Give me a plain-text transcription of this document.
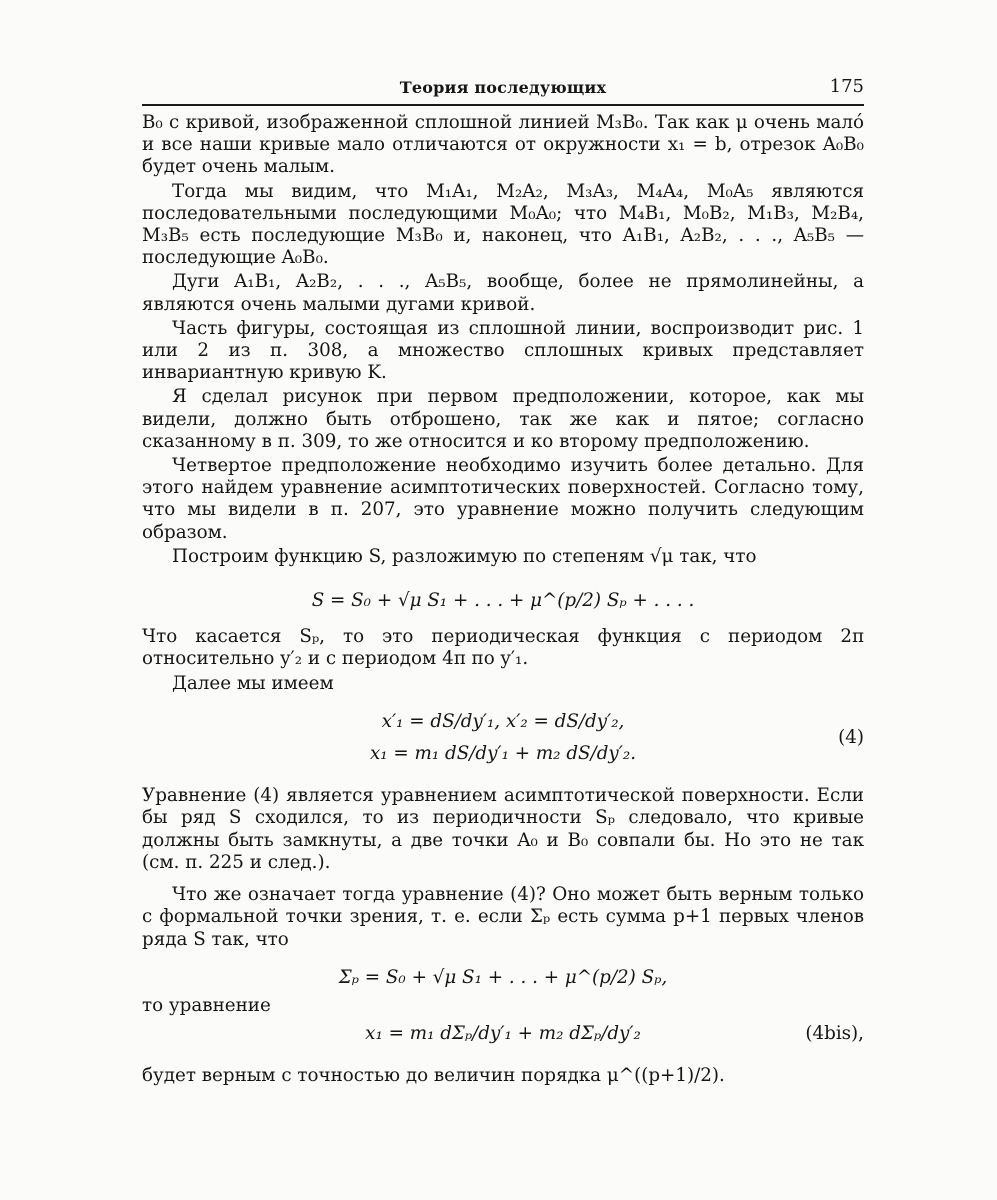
Теория последующих	175

B₀ с кривой, изображенной сплошной линией M₃B₀. Так как μ очень мало́ и все наши кривые мало отличаются от окружности x₁ = b, отрезок A₀B₀ будет очень малым.

Тогда мы видим, что M₁A₁, M₂A₂, M₃A₃, M₄A₄, M₀A₅ являются последовательными последующими M₀A₀; что M₄B₁, M₀B₂, M₁B₃, M₂B₄, M₃B₅ есть последующие M₃B₀ и, наконец, что A₁B₁, A₂B₂, . . ., A₅B₅ — последующие A₀B₀.

Дуги A₁B₁, A₂B₂, . . ., A₅B₅, вообще, более не прямолинейны, а являются очень малыми дугами кривой.

Часть фигуры, состоящая из сплошной линии, воспроизводит рис. 1 или 2 из п. 308, а множество сплошных кривых представляет инвариантную кривую K.

Я сделал рисунок при первом предположении, которое, как мы видели, должно быть отброшено, так же как и пятое; согласно сказанному в п. 309, то же относится и ко второму предположению.

Четвертое предположение необходимо изучить более детально. Для этого найдем уравнение асимптотических поверхностей. Согласно тому, что мы видели в п. 207, это уравнение можно получить следующим образом.

Построим функцию S, разложимую по степеням √μ так, что

S = S₀ + √μ S₁ + . . . + μ^(p/2) Sₚ + . . . .

Что касается Sₚ, то это периодическая функция с периодом 2π относительно y′₂ и с периодом 4π по y′₁.

Далее мы имеем

x′₁ = dS/dy′₁, x′₂ = dS/dy′₂,
x₁ = m₁ dS/dy′₁ + m₂ dS/dy′₂.
(4)

Уравнение (4) является уравнением асимптотической поверхности. Если бы ряд S сходился, то из периодичности Sₚ следовало, что кривые должны быть замкнуты, а две точки A₀ и B₀ совпали бы. Но это не так (см. п. 225 и след.).

Что же означает тогда уравнение (4)? Оно может быть верным только с формальной точки зрения, т. е. если Σₚ есть сумма p+1 первых членов ряда S так, что

Σₚ = S₀ + √μ S₁ + . . . + μ^(p/2) Sₚ,

то уравнение

x₁ = m₁ dΣₚ/dy′₁ + m₂ dΣₚ/dy′₂	(4bis),

будет верным с точностью до величин порядка μ^((p+1)/2).
